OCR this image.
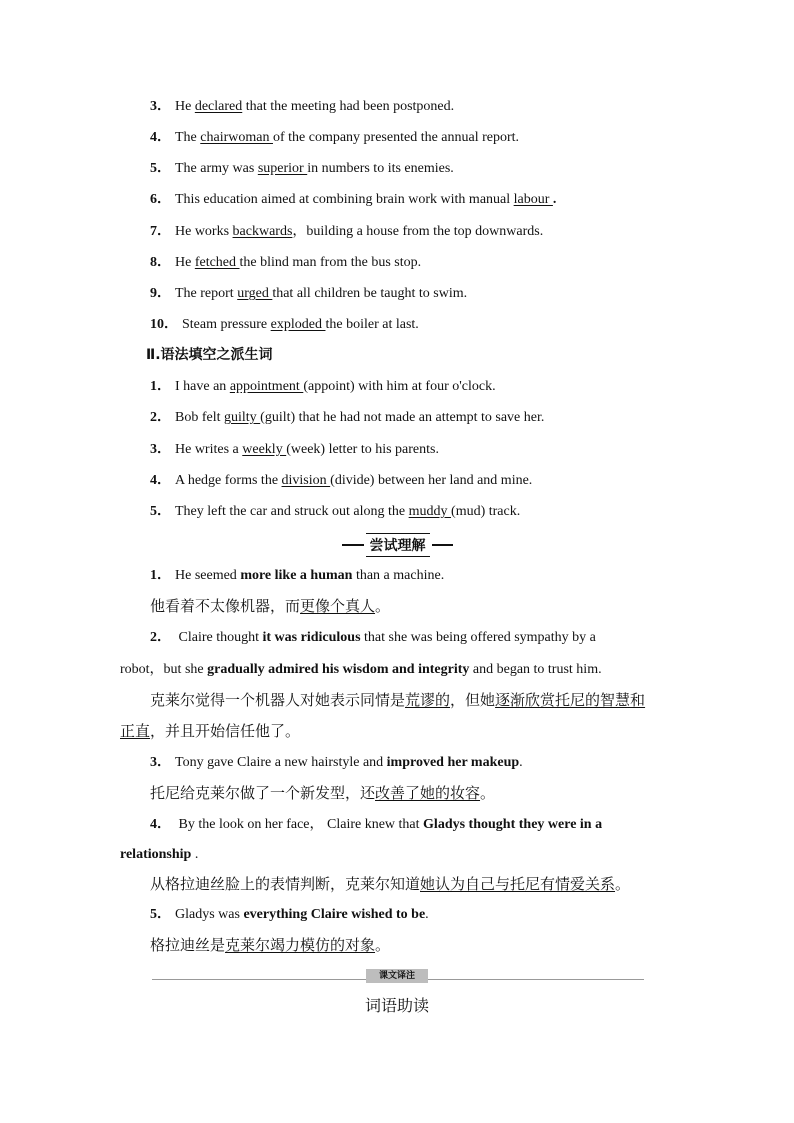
3． He declared that the meeting had been postponed.
4． The chairwoman of the company presented the annual report.
5． The army was superior in numbers to its enemies.
6． This education aimed at combining brain work with manual labour .
7． He works backwards，building a house from the top downwards.
8． He fetched the blind man from the bus stop.
9． The report urged that all children be taught to swim.
10． Steam pressure exploded the boiler at last.
Ⅱ.语法填空之派生词
1． I have an appointment (appoint) with him at four o'clock.
2． Bob felt guilty (guilt) that he had not made an attempt to save her.
3． He writes a weekly (week) letter to his parents.
4． A hedge forms the division (divide) between her land and mine.
5． They left the car and struck out along the muddy (mud) track.
尝试理解
1． He seemed more like a human than a machine.
他看着不太像机器，而更像个真人。
2． Claire thought it was ridiculous that she was being offered sympathy by a
robot，but she gradually admired his wisdom and integrity and began to trust him.
克莱尔觉得一个机器人对她表示同情是荒谬的，但她逐渐欣赏托尼的智慧和
正直，并且开始信任他了。
3． Tony gave Claire a new hairstyle and improved her makeup.
托尼给克莱尔做了一个新发型，还改善了她的妆容。
4． By the look on her face， Claire knew that Gladys thought they were in a
relationship .
从格拉迪丝脸上的表情判断，克莱尔知道她认为自己与托尼有情爱关系。
5． Gladys was everything Claire wished to be.
格拉迪丝是克莱尔竭力模仿的对象。
课文译注
词语助读
